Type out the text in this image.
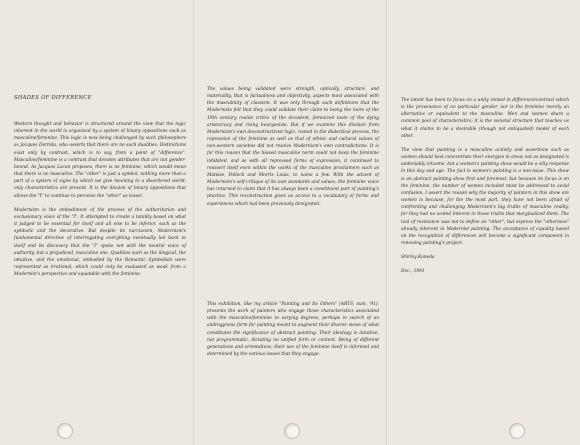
SHADES OF DIFFERENCE

Western thought and behavior is structured around the view that the logic inherent in the world is organized by a system of binary oppositions such as masculine/feminine. This logic is now being challenged by such philosophers as Jacques Derrida, who asserts that there are no such dualities. Distinctions exist only by contrast, which is to say, from a point of "difference". Masculine/feminine is a contrast that denotes attributes that are not gender-bound. As Jacques Lacan proposes, there is no feminine, which would mean that there is no masculine. The "other" is just a symbol, nothing more than a part of a system of signs by which we give meaning to a disordered world; only characteristics are present. It is the illusion of binary oppositions that allows the "I" to continue to perceive the "other" as lesser.

Modernism is the embodiment of the process of the authoritarian and exclusionary voice of the "I". It attempted to create a totality based on what it judged to be essential for itself and all else to be inferior, such as the symbolic and the decorative. But despite its narcissism, Modernism's fundamental directive of interrogating everything eventually led back to itself and its discovery that the "I" spoke not with the neutral voice of authority, but a prejudiced, masculine one. Qualities such as the illogical, the intuitive, and the emotional, embodied by the Romantic Symbolists were represented as irrational, which could only be evaluated as weak from a Modernist's perspective and equatable with the feminine.

The values being validated were strength, optically, structure, and materiality, that is factualness and objectivity, aspects most associated with the masculinity of classism. It was only through such definitions that the Modernists felt that they could validate their claim to being the heirs of the 19th century realist critics of the decadent, feminized taste of the dying aristocracy and rising bourgeoisie. But if we examine this division from Modernism's own deconstructivist logic, rooted in the dialectical process, the repression of the feminine as well as that of ethnic and cultural values of non-western societies did not resolve Modernism's own contradictions. It is for this reason that the biased masculine norm could not keep the feminine inhibited, and as with all repressed forms of expression, it continued to reassert itself even within the works of the masculine proclaimers such as Matisse, Pollock and Morris Louis, to name a few. With the advent of Modernism's self-critique of its own standards and values, the feminine voice has returned to claim that it has always been a constituent part of painting's practice. This reconstruction gives us access to a vocabulary of forms and experiences which had been previously denigrated.

This exhibition, like my article "Painting and Its Others" (ARTS, sum. '91), presents the work of painters who engage those characteristics associated with the masculine/feminine to varying degrees, perhaps in search of an androgynous form for painting meant to augment their diverse views of what constitutes the significance of abstract painting. Their ideology is intuitive, not programmatic, dictating no unified form or content. Being of different generations and orientations, their use of the feminine itself is informed and determined by the various issues that they engage.

The intent has been to focus on a unity rooted in difference/contrast which is the provenance of no particular gender, nor is the feminine merely an alternative or equivalent to the masculine. Men and women share a common pool of characteristics; it is the societal structure that teaches us what it claims to be a desirable (though not antiquated) model of each other.

The view that painting is a masculine activity and assertions such as women should best concentrate their energies in areas not as designated is undeniably irksome, but a women's painting show would be a silly response in this day and age. The fact is women's painting is a non-issue. This show is an abstract painting show first and foremost, but because its focus is on the feminine, the number of women included must be addressed to avoid confusion. I assert the reason why the majority of painters in this show are women is because, for the the most part, they have not been afraid of confronting and challenging Modernism's big truths of masculine reality, for they had no vested interest in those truths that marginalized them. The tool of resistance was not to define an "other", but express the "otherness" already inherent in Modernist painting. The acceptance of equality based on the recognition of differences will become a significant component in renewing painting's project.

Shirley Kaneda

Dec., 1991
